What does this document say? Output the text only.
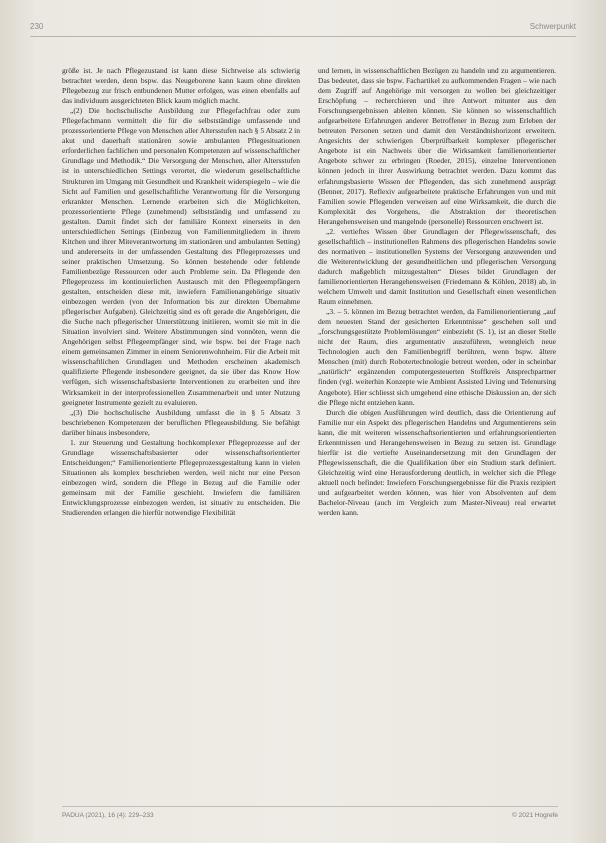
230	Schwerpunkt

größe ist. Je nach Pflegezustand ist kann diese Sichtweise als schwierig betrachtet werden, denn bspw. das Neugeborene kann kaum ohne direkten Pflegebezug zur frisch entbundenen Mutter erfolgen, was einen ebenfalls auf das individuum ausgerichteten Blick kaum möglich macht.

„(2) Die hochschulische Ausbildung zur Pflegefachfrau oder zum Pflegefachmann vermittelt die für die selbstständige umfassende und prozessorientierte Pflege von Menschen aller Altersstufen nach § 5 Absatz 2 in akut und dauerhaft stationären sowie ambulanten Pflegesituationen erforderlichen fachlichen und personalen Kompetenzen auf wissenschaftlicher Grundlage und Methodik.“ Die Versorgung der Menschen, aller Altersstufen ist in unterschiedlichen Settings verortet, die wiederum gesellschaftliche Strukturen im Umgang mit Gesundheit und Krankheit widerspiegeln – wie die Sicht auf Familien und gesellschaftliche Verantwortung für die Versorgung erkrankter Menschen. Lernende erarbeiten sich die Möglichkeiten, prozessorientierte Pflege (zunehmend) selbstständig und umfassend zu gestalten. Damit findet sich der familiäre Kontext einerseits in den unterschiedlichen Settings (Einbezug von Familienmitgliedern in ihrem Kitchen und ihrer Miteverantwortung im stationären und ambulanten Setting) und andererseits in der umfassenden Gestaltung des Pflegeprozesses und seiner praktischen Umsetzung. So können bestehende oder fehlende Familienbezüge Ressourcen oder auch Probleme sein. Da Pflegende den Pflegeprozess im kontinuierlichen Austausch mit den Pflegeempfängern gestalten, entscheiden diese mit, inwiefern Familienangehörige situativ einbezogen werden (von der Information bis zur direkten Übernahme pflegerischer Aufgaben). Gleichzeitig sind es oft gerade die Angehörigen, die die Suche nach pflegerischer Unterstützung initiieren, womit sie mit in die Situation involviert sind. Weitere Abstimmungen sind vonnöten, wenn die Angehörigen selbst Pflegeempfänger sind, wie bspw. bei der Frage nach einem gemeinsamen Zimmer in einem Seniorenwohnheim. Für die Arbeit mit wissenschaftlichen Grundlagen und Methoden erscheinen akademisch qualifizierte Pflegende insbesondere geeignet, da sie über das Know How verfügen, sich wissenschaftsbasierte Interventionen zu erarbeiten und ihre Wirksamkeit in der interprofessionellen Zusammenarbeit und unter Nutzung geeigneter Instrumente gezielt zu evaluieren.

„(3) Die hochschulische Ausbildung umfasst die in § 5 Absatz 3 beschriebenen Kompetenzen der beruflichen Pflegeausbildung. Sie befähigt darüber hinaus insbesondere,

1. zur Steuerung und Gestaltung hochkomplexer Pflegeprozesse auf der Grundlage wissenschaftsbasierter oder wissenschaftsorientierter Entscheidungen;“ Familienorientierte Pflegeprozessgestaltung kann in vielen Situationen als komplex beschrieben werden, weil nicht nur eine Person einbezogen wird, sondern die Pflege in Bezug auf die Familie oder gemeinsam mit der Familie geschieht. Inwiefern die familiären Entwicklungsprozesse einbezogen werden, ist situativ zu entscheiden. Die Studierenden erlangen die hierfür notwendige Flexibilität

und lernen, in wissenschaftlichen Bezügen zu handeln und zu argumentieren. Das bedeutet, dass sie bspw. Fachartikel zu aufkommenden Fragen – wie nach dem Zugriff auf Angehörige mit versorgen zu wollen bei gleichzeitiger Erschöpfung – recherchieren und ihre Antwort mitunter aus den Forschungsergebnissen ableiten können. Sie können so wissenschaftlich aufgearbeitete Erfahrungen anderer Betroffener in Bezug zum Erleben der betreuten Personen setzen und damit den Verständnishorizont erweitern. Angesichts der schwierigen Überprüfbarkeit komplexer pflegerischer Angebote ist ein Nachweis über die Wirksamkeit familienorientierter Angebote schwer zu erbringen (Roeder, 2015), einzelne Interventionen können jedoch in ihrer Auswirkung betrachtet werden. Dazu kommt das erfahrungsbasierte Wissen der Pflegenden, das sich zunehmend ausprägt (Benner, 2017). Reflexiv aufgearbeitete praktische Erfahrungen von und mit Familien sowie Pflegenden verweisen auf eine Wirksamkeit, die durch die Komplexität des Vorgehens, die Abstraktion der theoretischen Herangehensweisen und mangelnde (personelle) Ressourcen erschwert ist.

„2. vertieftes Wissen über Grundlagen der Pflegewissenschaft, des gesellschaftlich – institutionellen Rahmens des pflegerischen Handelns sowie des normativen – institutionellen Systems der Versorgung anzuwenden und die Weiterentwicklung der gesundheitlichen und pflegerischen Versorgung dadurch maßgeblich mitzugestalten“ Dieses bildet Grundlagen der familienorientierten Herangehensweisen (Friedemann & Köhlen, 2018) ab, in welchem Umwelt und damit Institution und Gesellschaft einen wesentlichen Raum einnehmen.

„3. – 5. können im Bezug betrachtet werden, da Familienorientierung „auf dem neuesten Stand der gesicherten Erkenntnisse“ geschehen soll und „forschungsgestützte Problemlösungen“ einbezieht (S. 1), ist an dieser Stelle nicht der Raum, dies argumentativ auszuführen, wenngleich neue Technologien auch den Familienbegriff berühren, wenn bspw. ältere Menschen (mit) durch Robotertechnologie betreut werden, oder in scheinbar „natürlich“ ergänzenden computergesteuerten Stoffkreis Ansprechpartner finden (vgl. weiterhin Konzepte wie Ambient Assisted Living und Telenursing Angebote). Hier schliesst sich umgehend eine ethische Diskussion an, der sich die Pflege nicht entziehen kann.

Durch die obigen Ausführungen wird deutlich, dass die Orientierung auf Familie nur ein Aspekt des pflegerischen Handelns und Argumentierens sein kann, die mit weiteren wissenschaftsorientierten und erfahrungsorientierten Erkenntnissen und Herangehensweisen in Bezug zu setzen ist. Grundlage hierfür ist die vertiefte Auseinandersetzung mit den Grundlagen der Pflegewissenschaft, die die Qualifikation über ein Studium stark definiert. Gleichzeitig wird eine Herausforderung deutlich, in welcher sich die Pflege aktuell noch befindet: Inwiefern Forschungsergebnisse für die Praxis rezipiert und aufgearbeitet werden können, was hier von Absolventen auf dem Bachelor-Niveau (auch im Vergleich zum Master-Niveau) real erwartet werden kann.

PADUA (2021), 16 (4): 229–233	© 2021 Hogrefe
